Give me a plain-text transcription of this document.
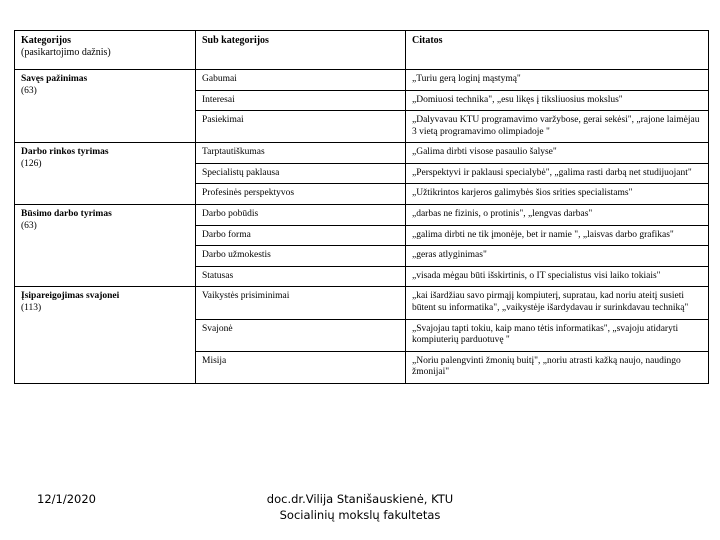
Kategorijos
(pasikartojimo dažnis)	Sub kategorijos	Citatos
Savęs pažinimas
(63)	Gabumai	„Turiu gerą loginį mąstymą"
	Interesai	„Domiuosi technika", „esu likęs į tiksliuosius mokslus"
	Pasiekimai	„Dalyvavau KTU programavimo varžybose, gerai sekėsi", „rajone laimėjau 3 vietą programavimo olimpiadoje "
Darbo rinkos tyrimas
(126)	Tarptautiškumas	„Galima dirbti visose pasaulio šalyse"
	Specialistų paklausa	„Perspektyvi ir paklausi specialybė", „galima rasti darbą net studijuojant"
	Profesinės perspektyvos	„Užtikrintos karjeros galimybės šios srities specialistams"
Būsimo darbo tyrimas
(63)	Darbo pobūdis	„darbas ne fizinis, o protinis", „lengvas darbas"
	Darbo forma	„galima dirbti ne tik įmonėje, bet ir namie ", „laisvas darbo grafikas"
	Darbo užmokestis	„geras atlyginimas"
	Statusas	„visada mėgau būti išskirtinis, o IT specialistus visi laiko tokiais"
Įsipareigojimas svajonei
(113)	Vaikystės prisiminimai	„kai išardžiau savo pirmąjį kompiuterį, supratau, kad noriu ateitį susieti būtent su informatika", „vaikystėje išardydavau ir surinkdavau techniką"
	Svajonė	„Svajojau tapti tokiu, kaip mano tėtis informatikas", „svajoju atidaryti kompiuterių parduotuvę "
	Misija	„Noriu palengvinti žmonių buitį", „noriu atrasti kažką naujo, naudingo žmonijai"
12/1/2020	doc.dr.Vilija Stanišauskienė, KTU
Socialinių mokslų fakultetas
